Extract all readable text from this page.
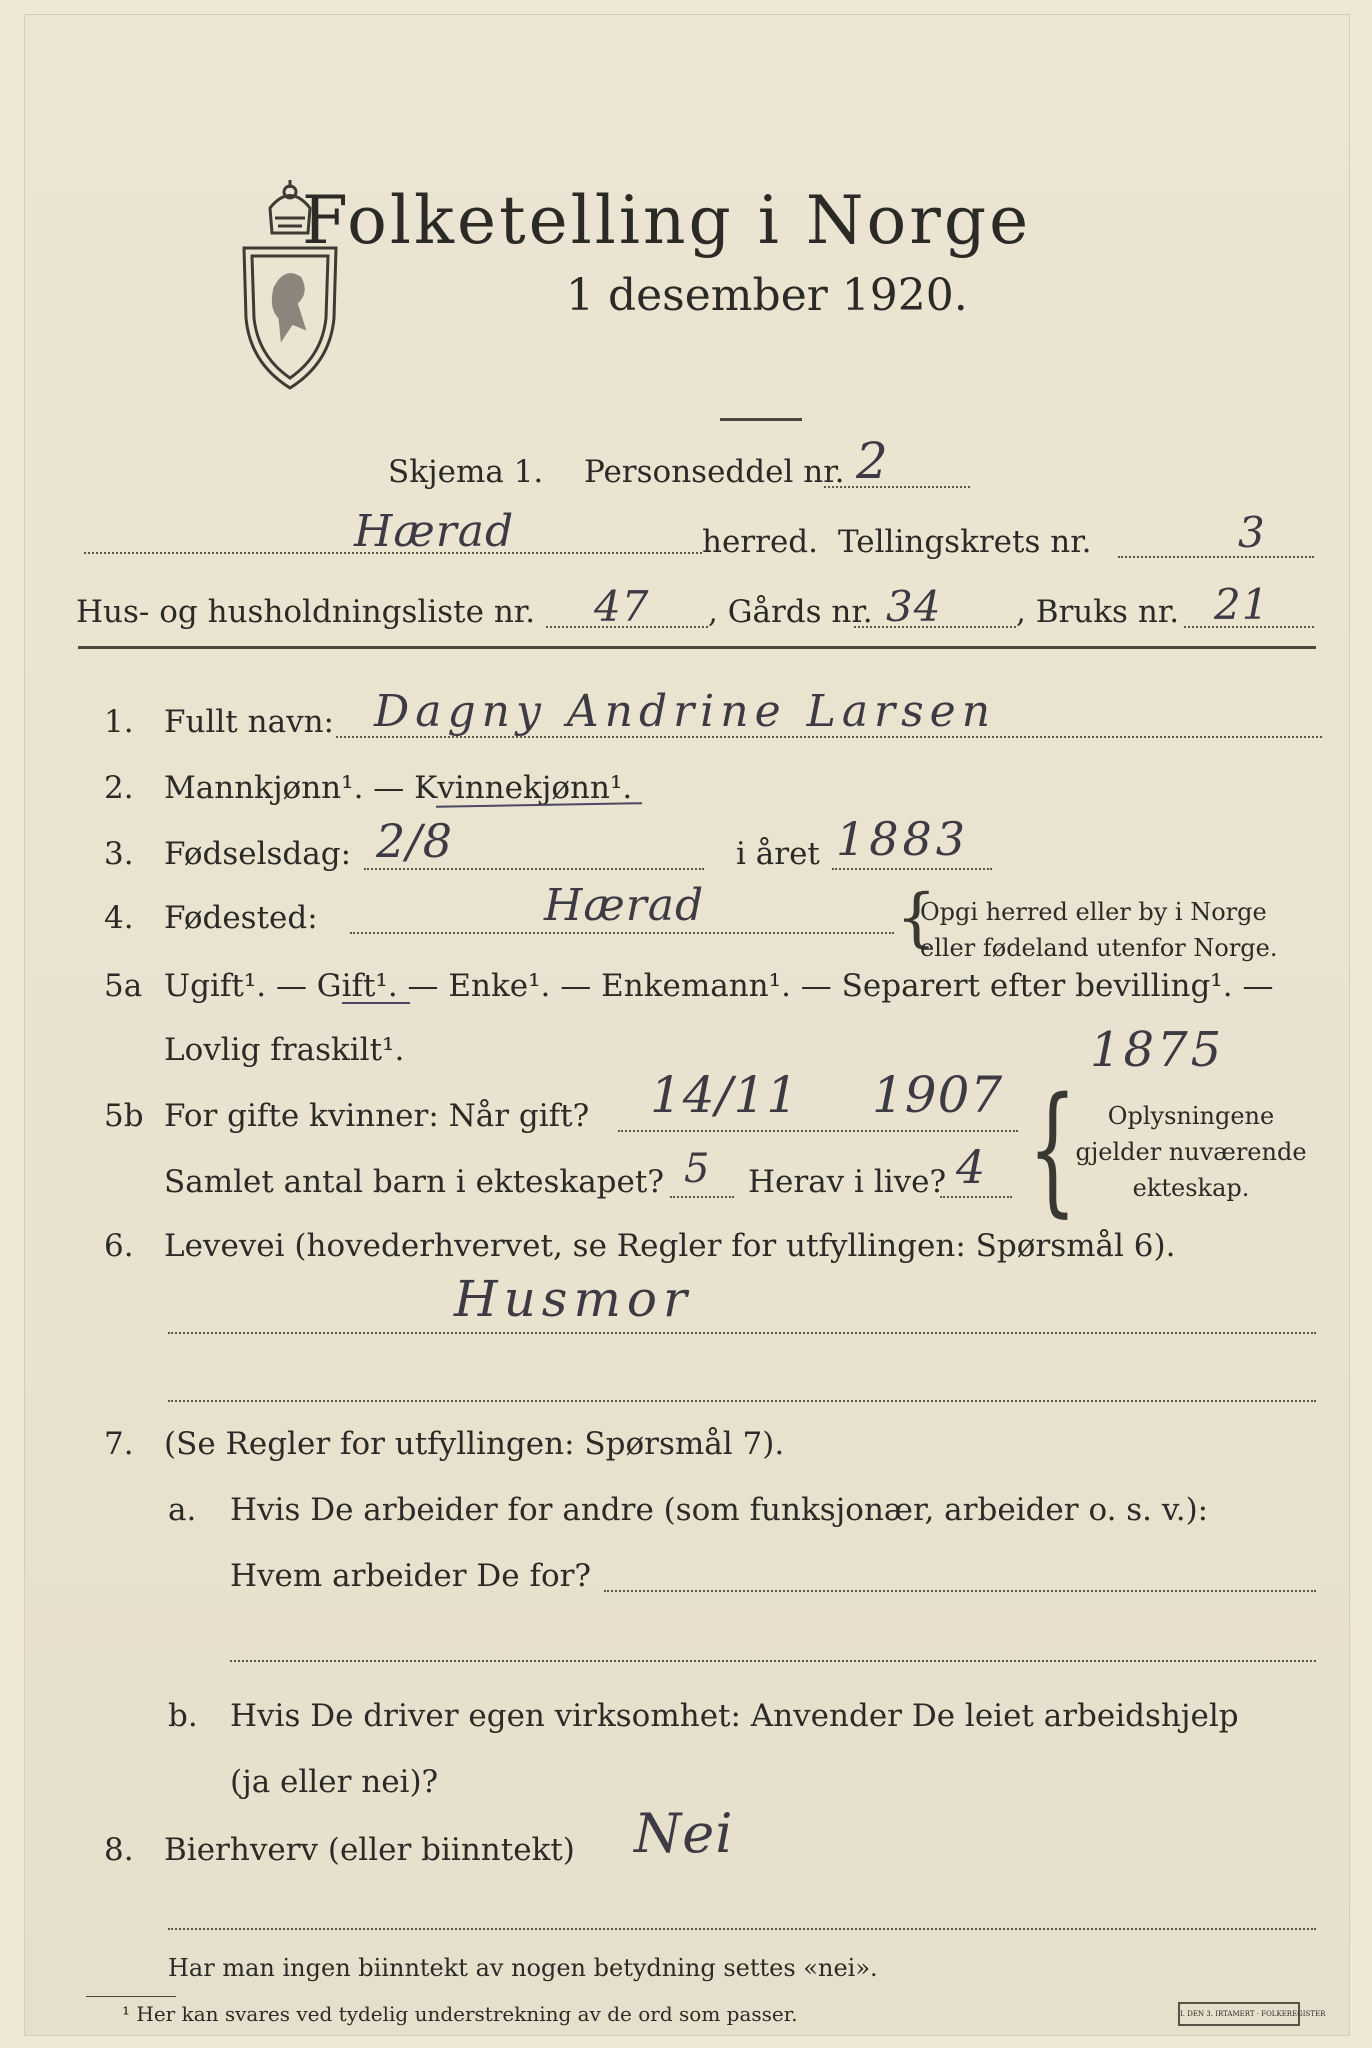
Folketelling i Norge
1 desember 1920.
Skjema 1. Personseddel nr. 2
Hærad	herred. Tellingskrets nr.	3
Hus- og husholdningsliste nr. 47 , Gårds nr. 34 , Bruks nr. 21
1. Fullt navn: Dagny Andrine Larsen
2. Mannkjønn¹. — Kvinnekjønn¹.
3. Fødselsdag: 2/8	i året 1883
4. Fødested:	Hærad	{
Opgi herred eller by i Norge
eller fødeland utenfor Norge.
5a Ugift¹. — Gift¹. — Enke¹. — Enkemann¹. — Separert efter bevilling¹. —
Lovlig fraskilt¹.
5b For gifte kvinner: Når gift? 14/11 1907
1875
Samlet antal barn i ekteskapet? 5 Herav i live? 4 {	Oplysningene
gjelder nuværende
ekteskap.
6. Levevei (hovederhvervet, se Regler for utfyllingen: Spørsmål 6).
Husmor
7. (Se Regler for utfyllingen: Spørsmål 7).
a. Hvis De arbeider for andre (som funksjonær, arbeider o. s. v.):
Hvem arbeider De for?
b. Hvis De driver egen virksomhet: Anvender De leiet arbeidshjelp
(ja eller nei)?
8. Bierhverv (eller biinntekt) Nei
Har man ingen biinntekt av nogen betydning settes «nei».
¹ Her kan svares ved tydelig understrekning av de ord som passer.	I. DEN 3. IRTAMERT · FOLKEREGISTER
